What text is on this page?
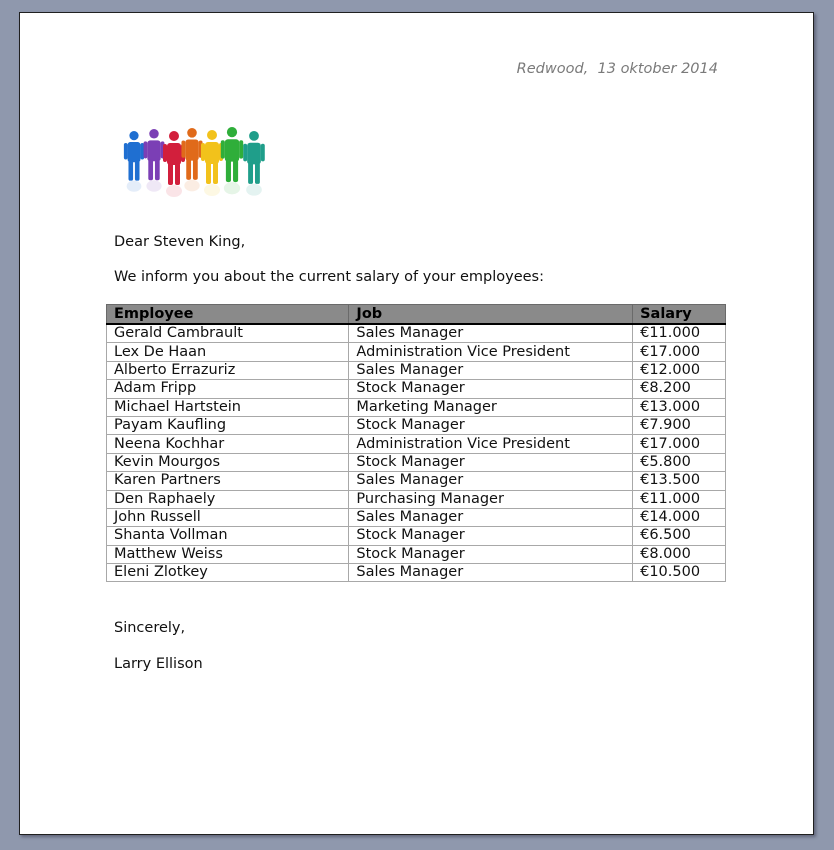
Redwood,  13 oktober 2014
Dear Steven King,
We inform you about the current salary of your employees:
Employee	Job	Salary
Gerald Cambrault	Sales Manager	€11.000
Lex De Haan	Administration Vice President	€17.000
Alberto Errazuriz	Sales Manager	€12.000
Adam Fripp	Stock Manager	€8.200
Michael Hartstein	Marketing Manager	€13.000
Payam Kaufling	Stock Manager	€7.900
Neena Kochhar	Administration Vice President	€17.000
Kevin Mourgos	Stock Manager	€5.800
Karen Partners	Sales Manager	€13.500
Den Raphaely	Purchasing Manager	€11.000
John Russell	Sales Manager	€14.000
Shanta Vollman	Stock Manager	€6.500
Matthew Weiss	Stock Manager	€8.000
Eleni Zlotkey	Sales Manager	€10.500
Sincerely,
Larry Ellison
